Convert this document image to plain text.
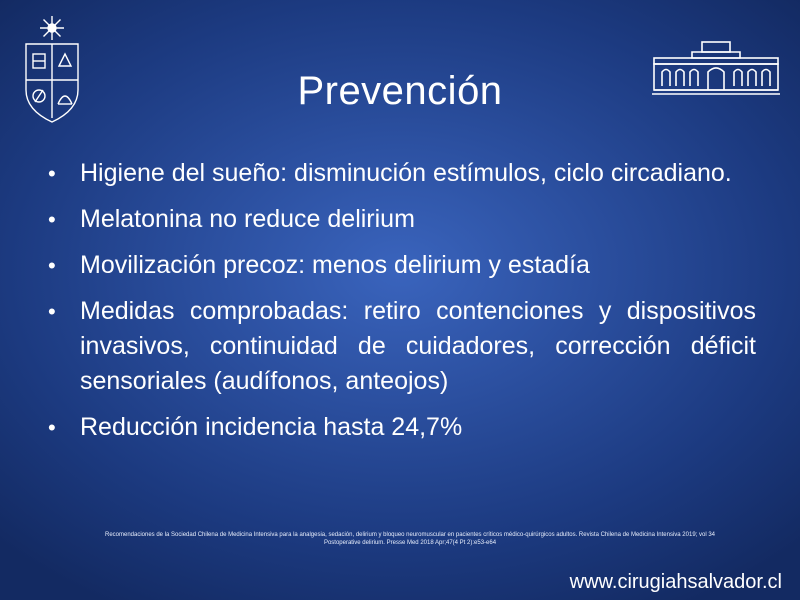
Prevención
• Higiene del sueño: disminución estímulos, ciclo circadiano.
• Melatonina no reduce delirium
• Movilización precoz: menos delirium y estadía
• Medidas comprobadas: retiro contenciones y dispositivos invasivos, continuidad de cuidadores, corrección déficit sensoriales (audífonos, anteojos)
• Reducción incidencia hasta 24,7%
Recomendaciones de la Sociedad Chilena de Medicina Intensiva para la analgesia, sedación, delirium y bloqueo neuromuscular en pacientes críticos médico-quirúrgicos adultos. Revista Chilena de Medicina Intensiva 2019; vol 34
Postoperative delirium. Presse Med 2018 Apr;47(4 Pt 2):e53-e64
www.cirugiahsalvador.cl
